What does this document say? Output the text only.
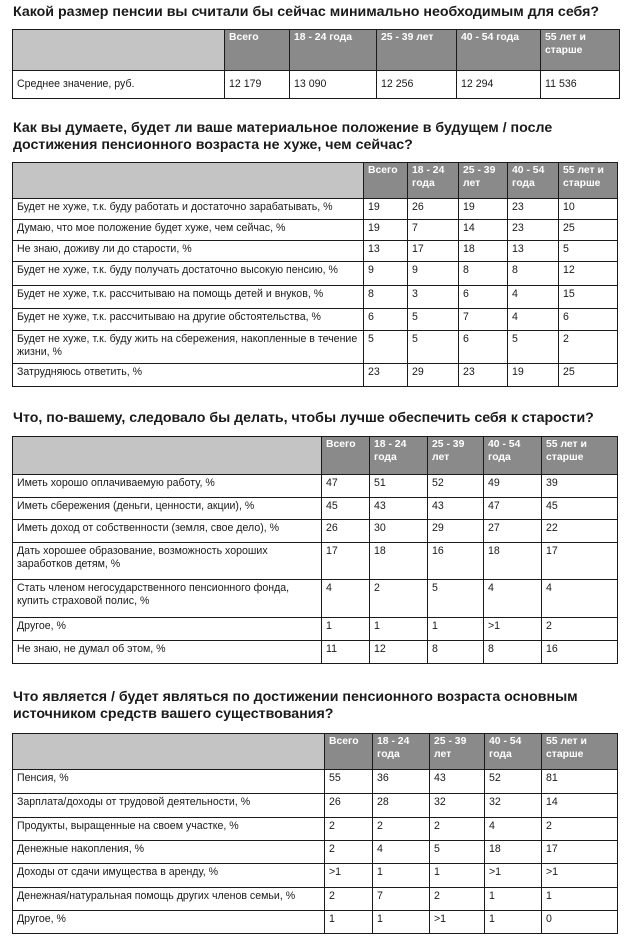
Какой размер пенсии вы считали бы сейчас минимально необходимым для себя?
	Всего	18 - 24 года	25 - 39 лет	40 - 54 года	55 лет и старше
Среднее значение, руб.	12 179	13 090	12 256	12 294	11 536
Как вы думаете, будет ли ваше материальное положение в будущем / после достижения пенсионного возраста не хуже, чем сейчас?
	Всего	18 - 24 года	25 - 39 лет	40 - 54 года	55 лет и старше
Будет не хуже, т.к. буду работать и достаточно зарабатывать, %	19	26	19	23	10
Думаю, что мое положение будет хуже, чем сейчас, %	19	7	14	23	25
Не знаю, доживу ли до старости, %	13	17	18	13	5
Будет не хуже, т.к. буду получать достаточно высокую пенсию, %	9	9	8	8	12
Будет не хуже, т.к. рассчитываю на помощь детей и внуков, %	8	3	6	4	15
Будет не хуже, т.к. рассчитываю на другие обстоятельства, %	6	5	7	4	6
Будет не хуже, т.к. буду жить на сбережения, накопленные в течение жизни, %	5	5	6	5	2
Затрудняюсь ответить, %	23	29	23	19	25
Что, по-вашему, следовало бы делать, чтобы лучше обеспечить себя к старости?
	Всего	18 - 24 года	25 - 39 лет	40 - 54 года	55 лет и старше
Иметь хорошо оплачиваемую работу, %	47	51	52	49	39
Иметь сбережения (деньги, ценности, акции), %	45	43	43	47	45
Иметь доход от собственности (земля, свое дело), %	26	30	29	27	22
Дать хорошее образование, возможность хороших заработков детям, %	17	18	16	18	17
Стать членом негосударственного пенсионного фонда, купить страховой полис, %	4	2	5	4	4
Другое, %	1	1	1	>1	2
Не знаю, не думал об этом, %	11	12	8	8	16
Что является / будет являться по достижении пенсионного возраста основным источником средств вашего существования?
	Всего	18 - 24 года	25 - 39 лет	40 - 54 года	55 лет и старше
Пенсия, %	55	36	43	52	81
Зарплата/доходы от трудовой деятельности, %	26	28	32	32	14
Продукты, выращенные на своем участке, %	2	2	2	4	2
Денежные накопления, %	2	4	5	18	17
Доходы от сдачи имущества в аренду, %	>1	1	1	>1	>1
Денежная/натуральная помощь других членов семьи, %	2	7	2	1	1
Другое, %	1	1	>1	1	0
